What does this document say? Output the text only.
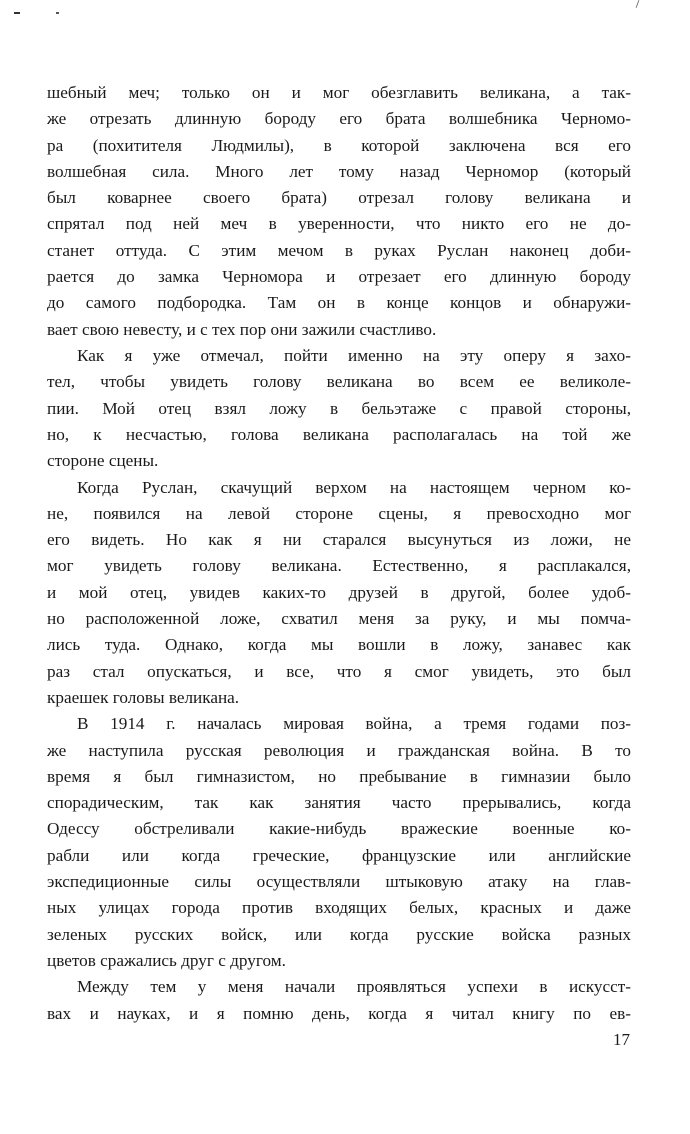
шебный меч; только он и мог обезглавить великана, а так-
же отрезать длинную бороду его брата волшебника Черномо-
ра (похитителя Людмилы), в которой заключена вся его
волшебная сила. Много лет тому назад Черномор (который
был коварнее своего брата) отрезал голову великана и
спрятал под ней меч в уверенности, что никто его не до-
станет оттуда. С этим мечом в руках Руслан наконец доби-
рается до замка Черномора и отрезает его длинную бороду
до самого подбородка. Там он в конце концов и обнаружи-
вает свою невесту, и с тех пор они зажили счастливо.
Как я уже отмечал, пойти именно на эту оперу я захо-
тел, чтобы увидеть голову великана во всем ее великоле-
пии. Мой отец взял ложу в бельэтаже с правой стороны,
но, к несчастью, голова великана располагалась на той же
стороне сцены.
Когда Руслан, скачущий верхом на настоящем черном ко-
не, появился на левой стороне сцены, я превосходно мог
его видеть. Но как я ни старался высунуться из ложи, не
мог увидеть голову великана. Естественно, я расплакался,
и мой отец, увидев каких-то друзей в другой, более удоб-
но расположенной ложе, схватил меня за руку, и мы помча-
лись туда. Однако, когда мы вошли в ложу, занавес как
раз стал опускаться, и все, что я смог увидеть, это был
краешек головы великана.
В 1914 г. началась мировая война, а тремя годами поз-
же наступила русская революция и гражданская война. В то
время я был гимназистом, но пребывание в гимназии было
спорадическим, так как занятия часто прерывались, когда
Одессу обстреливали какие-нибудь вражеские военные ко-
рабли или когда греческие, французские или английские
экспедиционные силы осуществляли штыковую атаку на глав-
ных улицах города против входящих белых, красных и даже
зеленых русских войск, или когда русские войска разных
цветов сражались друг с другом.
Между тем у меня начали проявляться успехи в искусст-
вах и науках, и я помню день, когда я читал книгу по ев-
17
